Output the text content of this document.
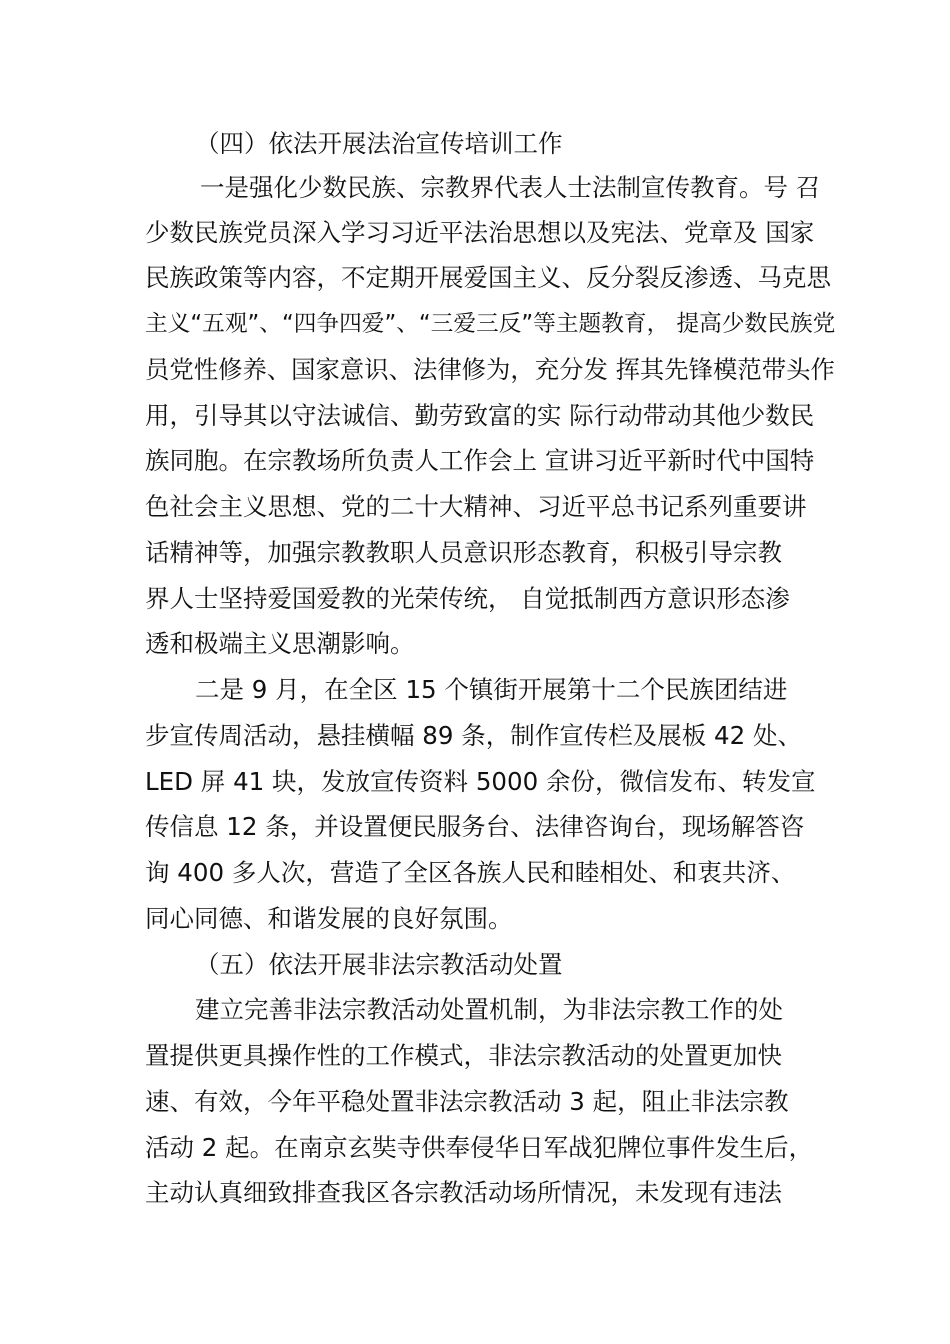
（四）依法开展法治宣传培训工作
一是强化少数民族、宗教界代表人士法制宣传教育。号 召
少数民族党员深入学习习近平法治思想以及宪法、党章及 国家
民族政策等内容，不定期开展爱国主义、反分裂反渗透、马克思
主义“五观”、“四争四爱”、“三爱三反”等主题教育， 提高少数民族党
员党性修养、国家意识、法律修为，充分发 挥其先锋模范带头作
用，引导其以守法诚信、勤劳致富的实 际行动带动其他少数民
族同胞。在宗教场所负责人工作会上 宣讲习近平新时代中国特
色社会主义思想、党的二十大精神、习近平总书记系列重要讲
话精神等，加强宗教教职人员意识形态教育，积极引导宗教
界人士坚持爱国爱教的光荣传统， 自觉抵制西方意识形态渗
透和极端主义思潮影响。
二是 9 月，在全区 15 个镇街开展第十二个民族团结进
步宣传周活动，悬挂横幅 89 条，制作宣传栏及展板 42 处、
LED 屏 41 块，发放宣传资料 5000 余份，微信发布、转发宣
传信息 12 条，并设置便民服务台、法律咨询台，现场解答咨
询 400 多人次，营造了全区各族人民和睦相处、和衷共济、
同心同德、和谐发展的良好氛围。
（五）依法开展非法宗教活动处置
建立完善非法宗教活动处置机制，为非法宗教工作的处
置提供更具操作性的工作模式，非法宗教活动的处置更加快
速、有效，今年平稳处置非法宗教活动 3 起，阻止非法宗教
活动 2 起。在南京玄奘寺供奉侵华日军战犯牌位事件发生后，
主动认真细致排查我区各宗教活动场所情况，未发现有违法
